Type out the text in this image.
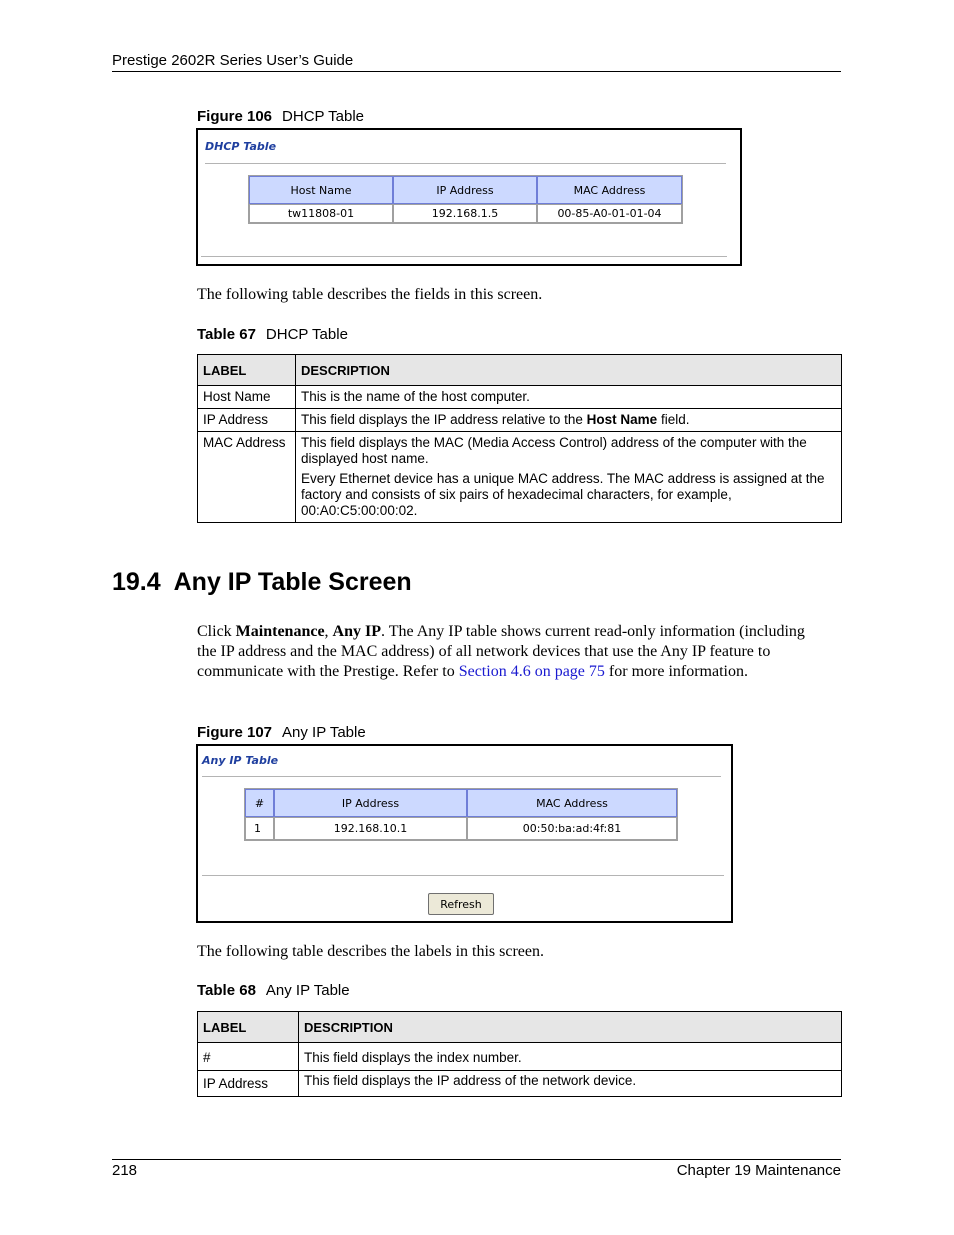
Prestige 2602R Series User’s Guide
Figure 106 DHCP Table
DHCP Table
Host Name	IP Address	MAC Address
tw11808-01	192.168.1.5	00-85-A0-01-01-04
The following table describes the fields in this screen.
Table 67 DHCP Table
LABEL	DESCRIPTION
Host Name	This is the name of the host computer.
IP Address	This field displays the IP address relative to the Host Name field.
MAC Address	This field displays the MAC (Media Access Control) address of the computer with the displayed host name.

Every Ethernet device has a unique MAC address. The MAC address is assigned at the factory and consists of six pairs of hexadecimal characters, for example, 00:A0:C5:00:00:02.

19.4  Any IP Table Screen
Click Maintenance, Any IP. The Any IP table shows current read-only information (including the IP address and the MAC address) of all network devices that use the Any IP feature to communicate with the Prestige. Refer to Section 4.6 on page 75 for more information.
Figure 107 Any IP Table
Any IP Table
#	IP Address	MAC Address
1	192.168.10.1	00:50:ba:ad:4f:81
Refresh
The following table describes the labels in this screen.
Table 68 Any IP Table
LABEL	DESCRIPTION
#	This field displays the index number.
IP Address	This field displays the IP address of the network device.
218	Chapter 19 Maintenance
